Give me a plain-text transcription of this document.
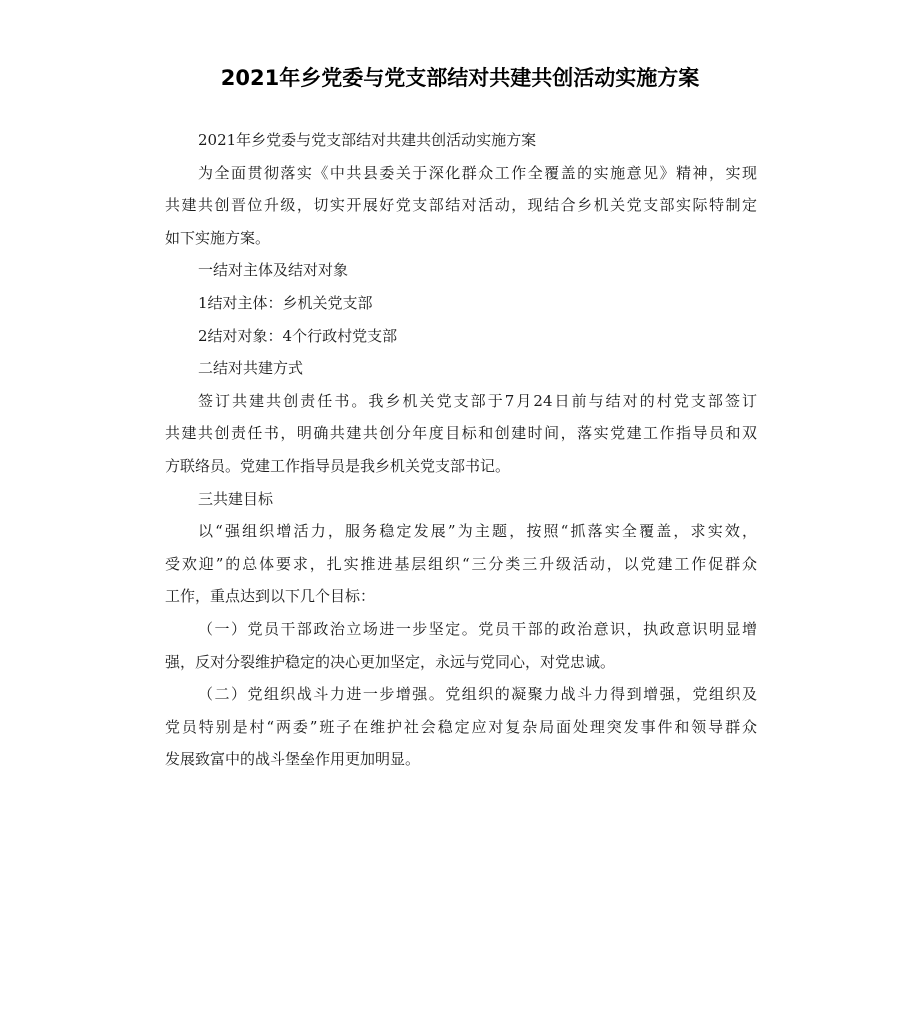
2021年乡党委与党支部结对共建共创活动实施方案
2021年乡党委与党支部结对共建共创活动实施方案
为全面贯彻落实《中共县委关于深化群众工作全覆盖的实施意见》精神，实现
共建共创晋位升级，切实开展好党支部结对活动，现结合乡机关党支部实际特制定
如下实施方案。
一结对主体及结对对象
1结对主体：乡机关党支部
2结对对象：4个行政村党支部
二结对共建方式
签订共建共创责任书。我乡机关党支部于7月24日前与结对的村党支部签订
共建共创责任书，明确共建共创分年度目标和创建时间，落实党建工作指导员和双
方联络员。党建工作指导员是我乡机关党支部书记。
三共建目标
以“强组织增活力，服务稳定发展”为主题，按照“抓落实全覆盖，求实效，
受欢迎”的总体要求，扎实推进基层组织“三分类三升级活动，以党建工作促群众
工作，重点达到以下几个目标：
（一）党员干部政治立场进一步坚定。党员干部的政治意识，执政意识明显增
强，反对分裂维护稳定的决心更加坚定，永远与党同心，对党忠诚。
（二）党组织战斗力进一步增强。党组织的凝聚力战斗力得到增强，党组织及
党员特别是村“两委”班子在维护社会稳定应对复杂局面处理突发事件和领导群众
发展致富中的战斗堡垒作用更加明显。
